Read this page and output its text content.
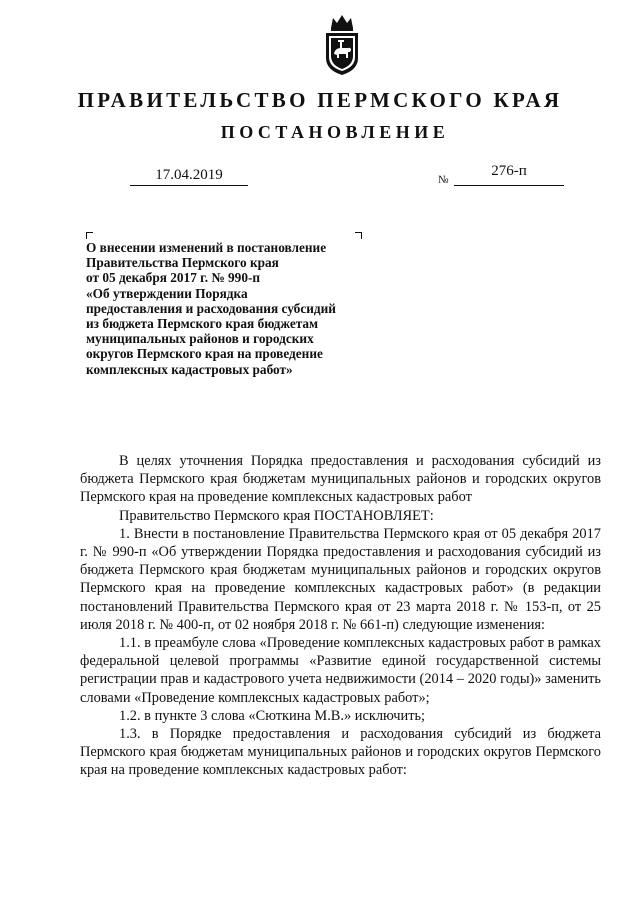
ПРАВИТЕЛЬСТВО ПЕРМСКОГО КРАЯ
ПОСТАНОВЛЕНИЕ
17.04.2019	№
276-п
О внесении изменений в постановление
Правительства Пермского края
от 05 декабря 2017 г. № 990-п
«Об утверждении Порядка
предоставления и расходования субсидий
из бюджета Пермского края бюджетам
муниципальных районов и городских
округов Пермского края на проведение
комплексных кадастровых работ»

В целях уточнения Порядка предоставления и расходования субсидий из бюджета Пермского края бюджетам муниципальных районов и городских округов Пермского края на проведение комплексных кадастровых работ

Правительство Пермского края ПОСТАНОВЛЯЕТ:

1. Внести в постановление Правительства Пермского края от 05 декабря 2017 г. № 990-п «Об утверждении Порядка предоставления и расходования субсидий из бюджета Пермского края бюджетам муниципальных районов и городских округов Пермского края на проведение комплексных кадастровых работ» (в редакции постановлений Правительства Пермского края от 23 марта 2018 г. № 153-п, от 25 июля 2018 г. № 400-п, от 02 ноября 2018 г. № 661-п) следующие изменения:

1.1. в преамбуле слова «Проведение комплексных кадастровых работ в рамках федеральной целевой программы «Развитие единой государственной системы регистрации прав и кадастрового учета недвижимости (2014 – 2020 годы)» заменить словами «Проведение комплексных кадастровых работ»;

1.2. в пункте 3 слова «Сюткина М.В.» исключить;

1.3. в Порядке предоставления и расходования субсидий из бюджета Пермского края бюджетам муниципальных районов и городских округов Пермского края на проведение комплексных кадастровых работ:
